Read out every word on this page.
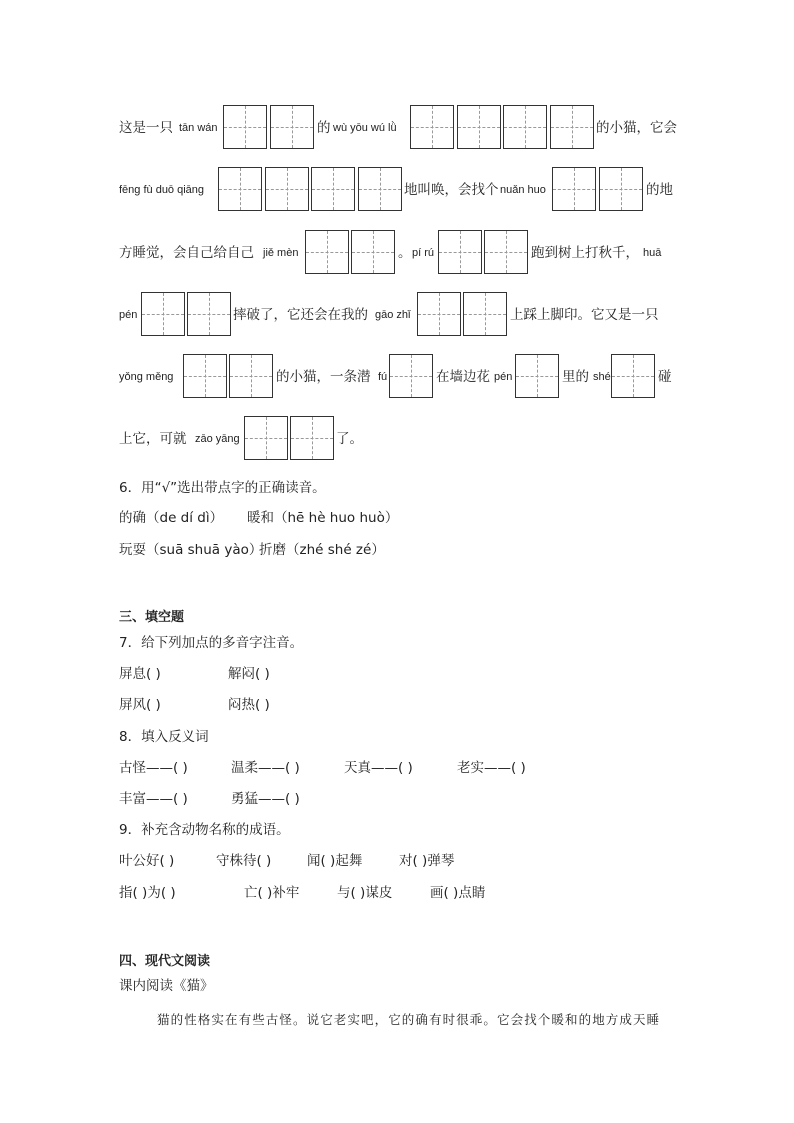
这是一只 tān wán	的 wù yōu wú lǜ	的小猫，它会
fēng fù duō qiāng	地叫唤，会找个 nuǎn huo	的地
方睡觉，会自己给自己 jiě mèn	。 pí rú	跑到树上打秋千， huā
pén	摔破了，它还会在我的 gāo zhǐ	上踩上脚印。它又是一只
yǒng měng	的小猫，一条潜 fú	在墙边花 pén	里的 shé	碰
上它，可就 zāo yāng	了。
6．用“√”选出带点字的正确读音。
的确（de dí dì） 暖和（hē hè huo huò）
玩耍（suā shuā yào）
折磨（zhé shé zé）
三、填空题
7．给下列加点的多音字注音。
屏息( )	解闷( )
屏风( )	闷热( )
8．填入反义词
古怪——( )	温柔——( )	天真——( )	老实——( )
丰富——( )	勇猛——( )
9．补充含动物名称的成语。
叶公好( )	守株待( )	闻( )起舞	对( )弹琴
指( )为( )	亡( )补牢	与( )谋皮	画( )点睛
四、现代文阅读
课内阅读《猫》
猫的性格实在有些古怪。说它老实吧，它的确有时很乖。它会找个暖和的地方成天睡
